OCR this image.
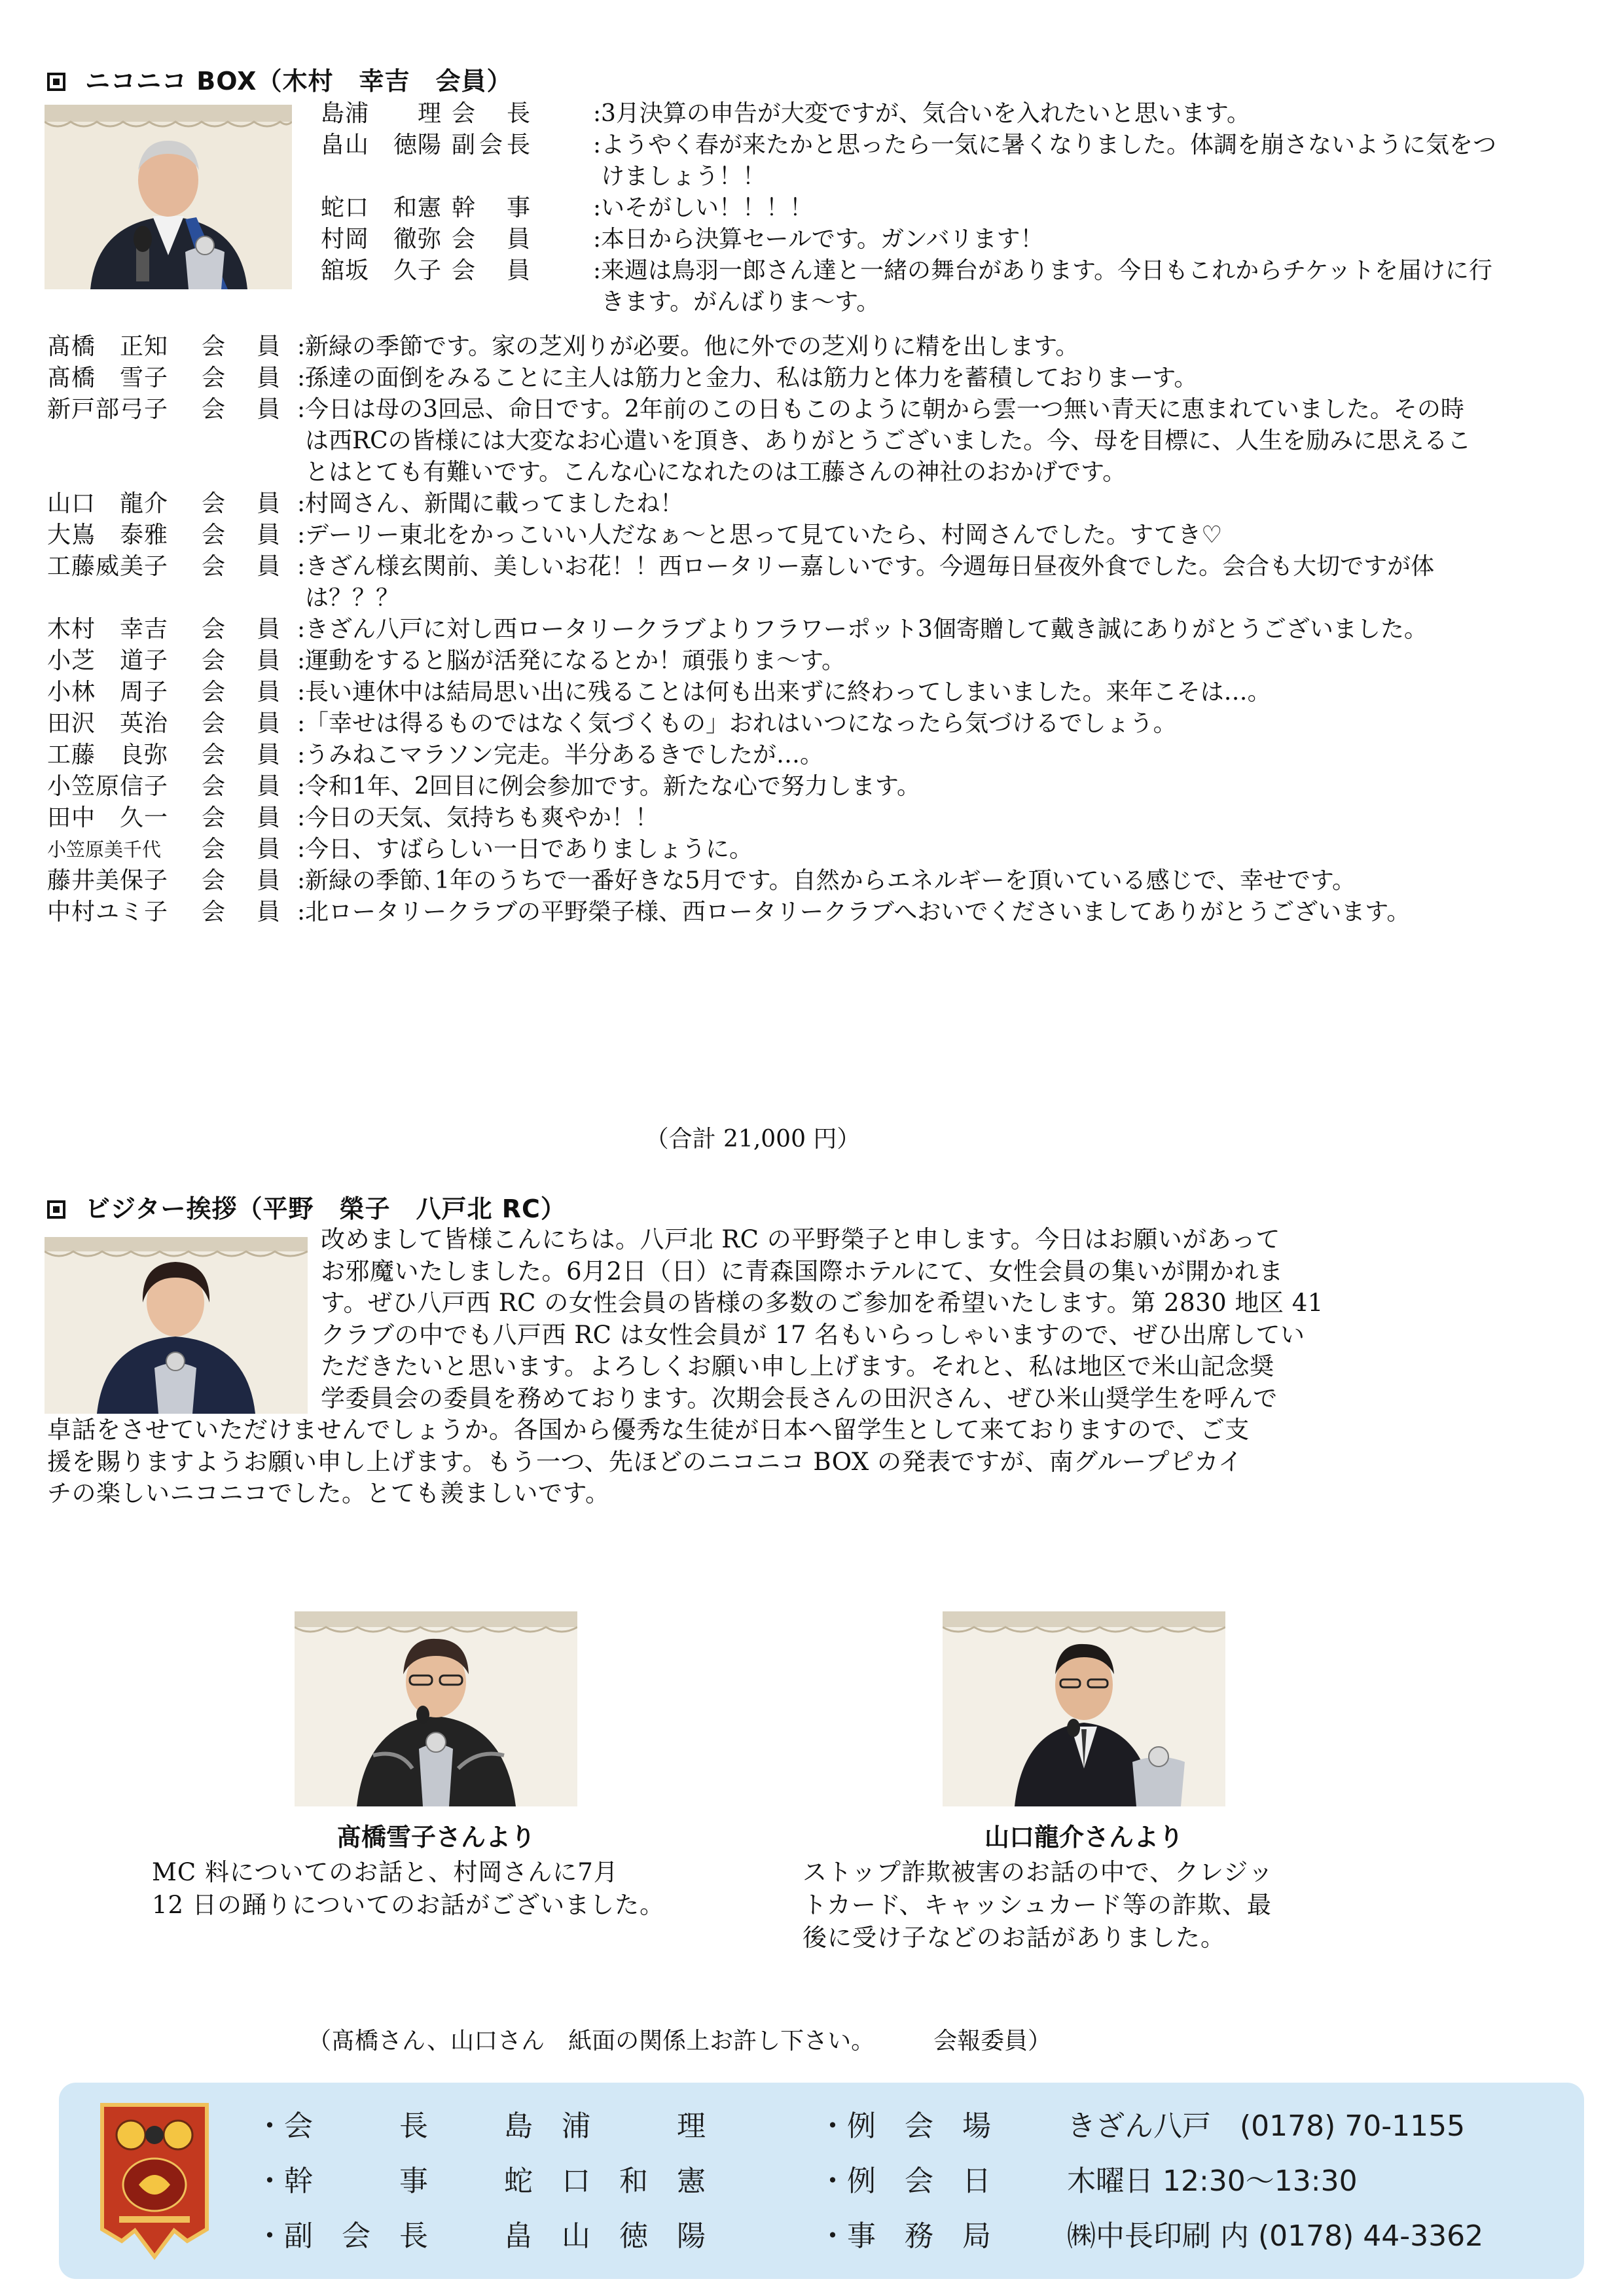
ニコニコ BOX（木村　幸吉　会員）
島浦　　理 会　長	: 3月決算の申告が大変ですが、気合いを入れたいと思います。
畠山　徳陽 副会長	: ようやく春が来たかと思ったら一気に暑くなりました。体調を崩さないように気をつけましょう！！
蛇口　和憲 幹　事	: いそがしい！！！！
村岡　徹弥 会　員	: 本日から決算セールです。ガンバリます！
舘坂　久子 会　員	: 来週は鳥羽一郎さん達と一緒の舞台があります。今日もこれからチケットを届けに行きます。がんばりま〜す。
髙橋　正知	会　員 : 新緑の季節です。家の芝刈りが必要。他に外での芝刈りに精を出します。
髙橋　雪子	会　員 : 孫達の面倒をみることに主人は筋力と金力、私は筋力と体力を蓄積しておりまーす。
新戸部弓子	会　員 : 今日は母の3回忌、命日です。2年前のこの日もこのように朝から雲一つ無い青天に恵まれていました。その時は西RCの皆様には大変なお心遣いを頂き、ありがとうございました。今、母を目標に、人生を励みに思えることはとても有難いです。こんな心になれたのは工藤さんの神社のおかげです。
山口　龍介	会　員 : 村岡さん、新聞に載ってましたね！
大嶌　泰雅	会　員 : デーリー東北をかっこいい人だなぁ〜と思って見ていたら、村岡さんでした。すてき♡
工藤威美子	会　員 : きざん様玄関前、美しいお花！！西ロータリー嘉しいです。今週毎日昼夜外食でした。会合も大切ですが体は？？？
木村　幸吉	会　員 : きざん八戸に対し西ロータリークラブよりフラワーポット3個寄贈して戴き誠にありがとうございました。
小芝　道子	会　員 : 運動をすると脳が活発になるとか！頑張りま〜す。
小林　周子	会　員 : 長い連休中は結局思い出に残ることは何も出来ずに終わってしまいました。来年こそは…。
田沢　英治	会　員 : 「幸せは得るものではなく気づくもの」おれはいつになったら気づけるでしょう。
工藤　良弥	会　員 : うみねこマラソン完走。半分あるきでしたが…。
小笠原信子	会　員 : 令和1年、2回目に例会参加です。新たな心で努力します。
田中　久一	会　員 : 今日の天気、気持ちも爽やか！！
小笠原美千代	会　員 : 今日、すばらしい一日でありましょうに。
藤井美保子	会　員 : 新緑の季節､1年のうちで一番好きな5月です。自然からエネルギーを頂いている感じで、幸せです。
中村ユミ子	会　員 : 北ロータリークラブの平野榮子様、西ロータリークラブへおいでくださいましてありがとうございます。
（合計 21,000 円）
ビジター挨拶（平野　榮子　八戸北 RC）
改めまして皆様こんにちは。八戸北 RC の平野榮子と申します。今日はお願いがあって
お邪魔いたしました。6月2日（日）に青森国際ホテルにて、女性会員の集いが開かれま
す。ぜひ八戸西 RC の女性会員の皆様の多数のご参加を希望いたします。第 2830 地区 41
クラブの中でも八戸西 RC は女性会員が 17 名もいらっしゃいますので、ぜひ出席してい
ただきたいと思います。よろしくお願い申し上げます。それと、私は地区で米山記念奨
学委員会の委員を務めております。次期会長さんの田沢さん、ぜひ米山奨学生を呼んで
卓話をさせていただけませんでしょうか。各国から優秀な生徒が日本へ留学生として来ておりますので、ご支
援を賜りますようお願い申し上げます。もう一つ、先ほどのニコニコ BOX の発表ですが、南グループピカイ
チの楽しいニコニコでした。とても羨ましいです。
髙橋雪子さんより	山口龍介さんより
MC 料についてのお話と、村岡さんに7月
12 日の踊りについてのお話がございました。
ストップ詐欺被害のお話の中で、クレジッ
トカード、キャッシュカード等の詐欺、最
後に受け子などのお話がありました。
（髙橋さん、山口さん　紙面の関係上お許し下さい。　　　会報委員）
・会　　　長	島　浦　　　理	・例　会　場	きざん八戸　(0178) 70-1155
・幹　　　事	蛇　口　和　憲	・例　会　日	木曜日 12:30〜13:30
・副　会　長	畠　山　徳　陽	・事　務　局	㈱中長印刷 内 (0178) 44-3362
